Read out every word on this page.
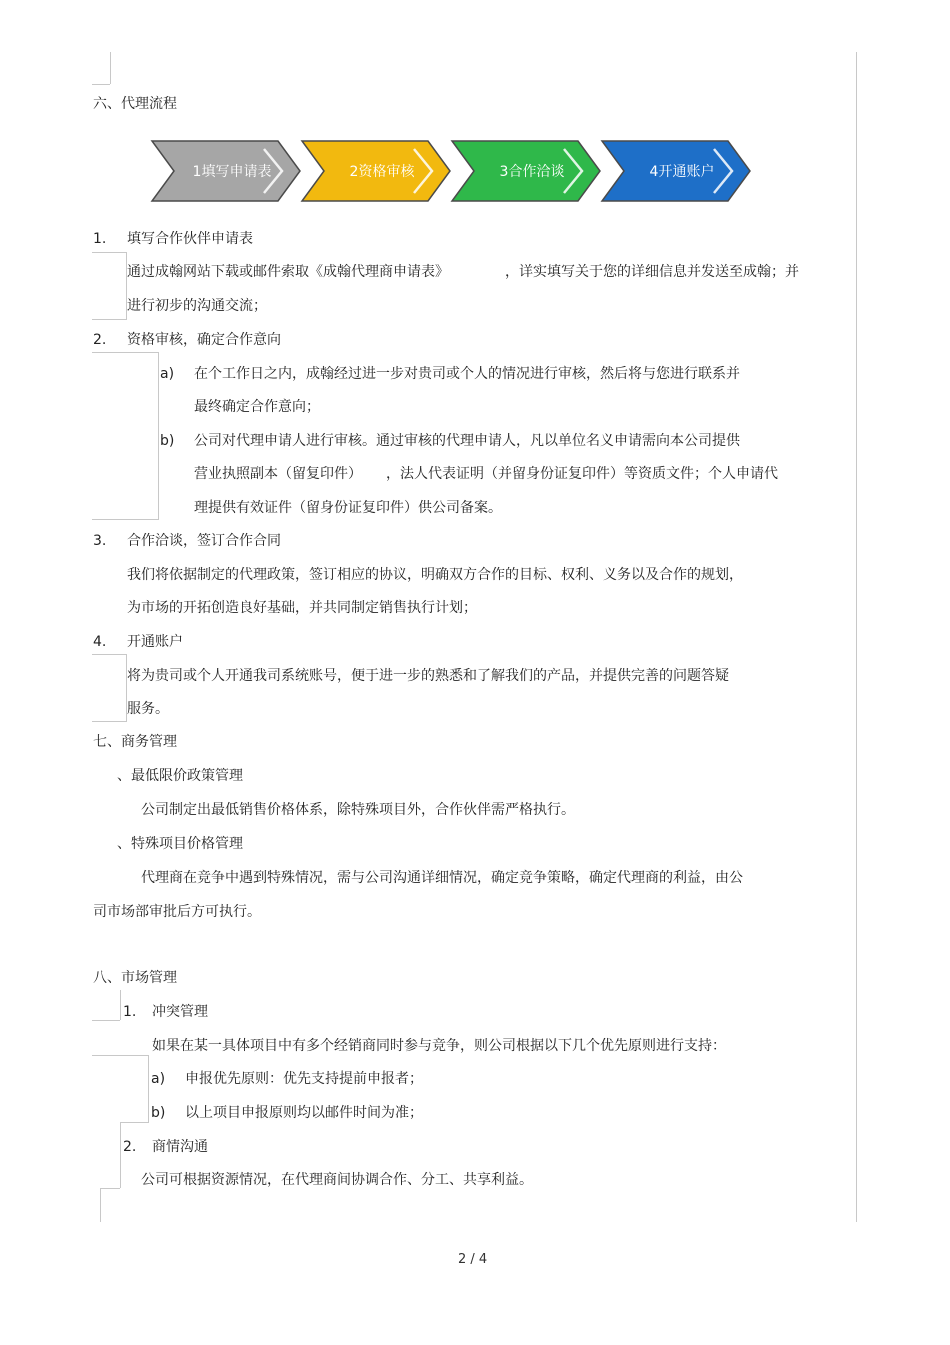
六、代理流程
1填写申请表	2资格审核	3合作洽谈	4开通账户
1. 填写合作伙伴申请表
通过成翰网站下载或邮件索取《成翰代理商申请表》	，详实填写关于您的详细信息并发送至成翰；并
进行初步的沟通交流；
2. 资格审核，确定合作意向
a) 在个工作日之内，成翰经过进一步对贵司或个人的情况进行审核，然后将与您进行联系并
最终确定合作意向；
b) 公司对代理申请人进行审核。通过审核的代理申请人，凡以单位名义申请需向本公司提供
营业执照副本（留复印件） ，法人代表证明（并留身份证复印件）等资质文件；个人申请代
理提供有效证件（留身份证复印件）供公司备案。
3. 合作洽谈，签订合作合同
我们将依据制定的代理政策，签订相应的协议，明确双方合作的目标、权利、义务以及合作的规划，
为市场的开拓创造良好基础，并共同制定销售执行计划；
4. 开通账户
将为贵司或个人开通我司系统账号，便于进一步的熟悉和了解我们的产品，并提供完善的问题答疑
服务。
七、商务管理
、最低限价政策管理
公司制定出最低销售价格体系，除特殊项目外，合作伙伴需严格执行。
、特殊项目价格管理
代理商在竞争中遇到特殊情况，需与公司沟通详细情况，确定竞争策略，确定代理商的利益，由公
司市场部审批后方可执行。
八、市场管理
1. 冲突管理
如果在某一具体项目中有多个经销商同时参与竞争，则公司根据以下几个优先原则进行支持：
a) 申报优先原则：优先支持提前申报者；
b) 以上项目申报原则均以邮件时间为准；
2. 商情沟通
公司可根据资源情况，在代理商间协调合作、分工、共享利益。
2 / 4
